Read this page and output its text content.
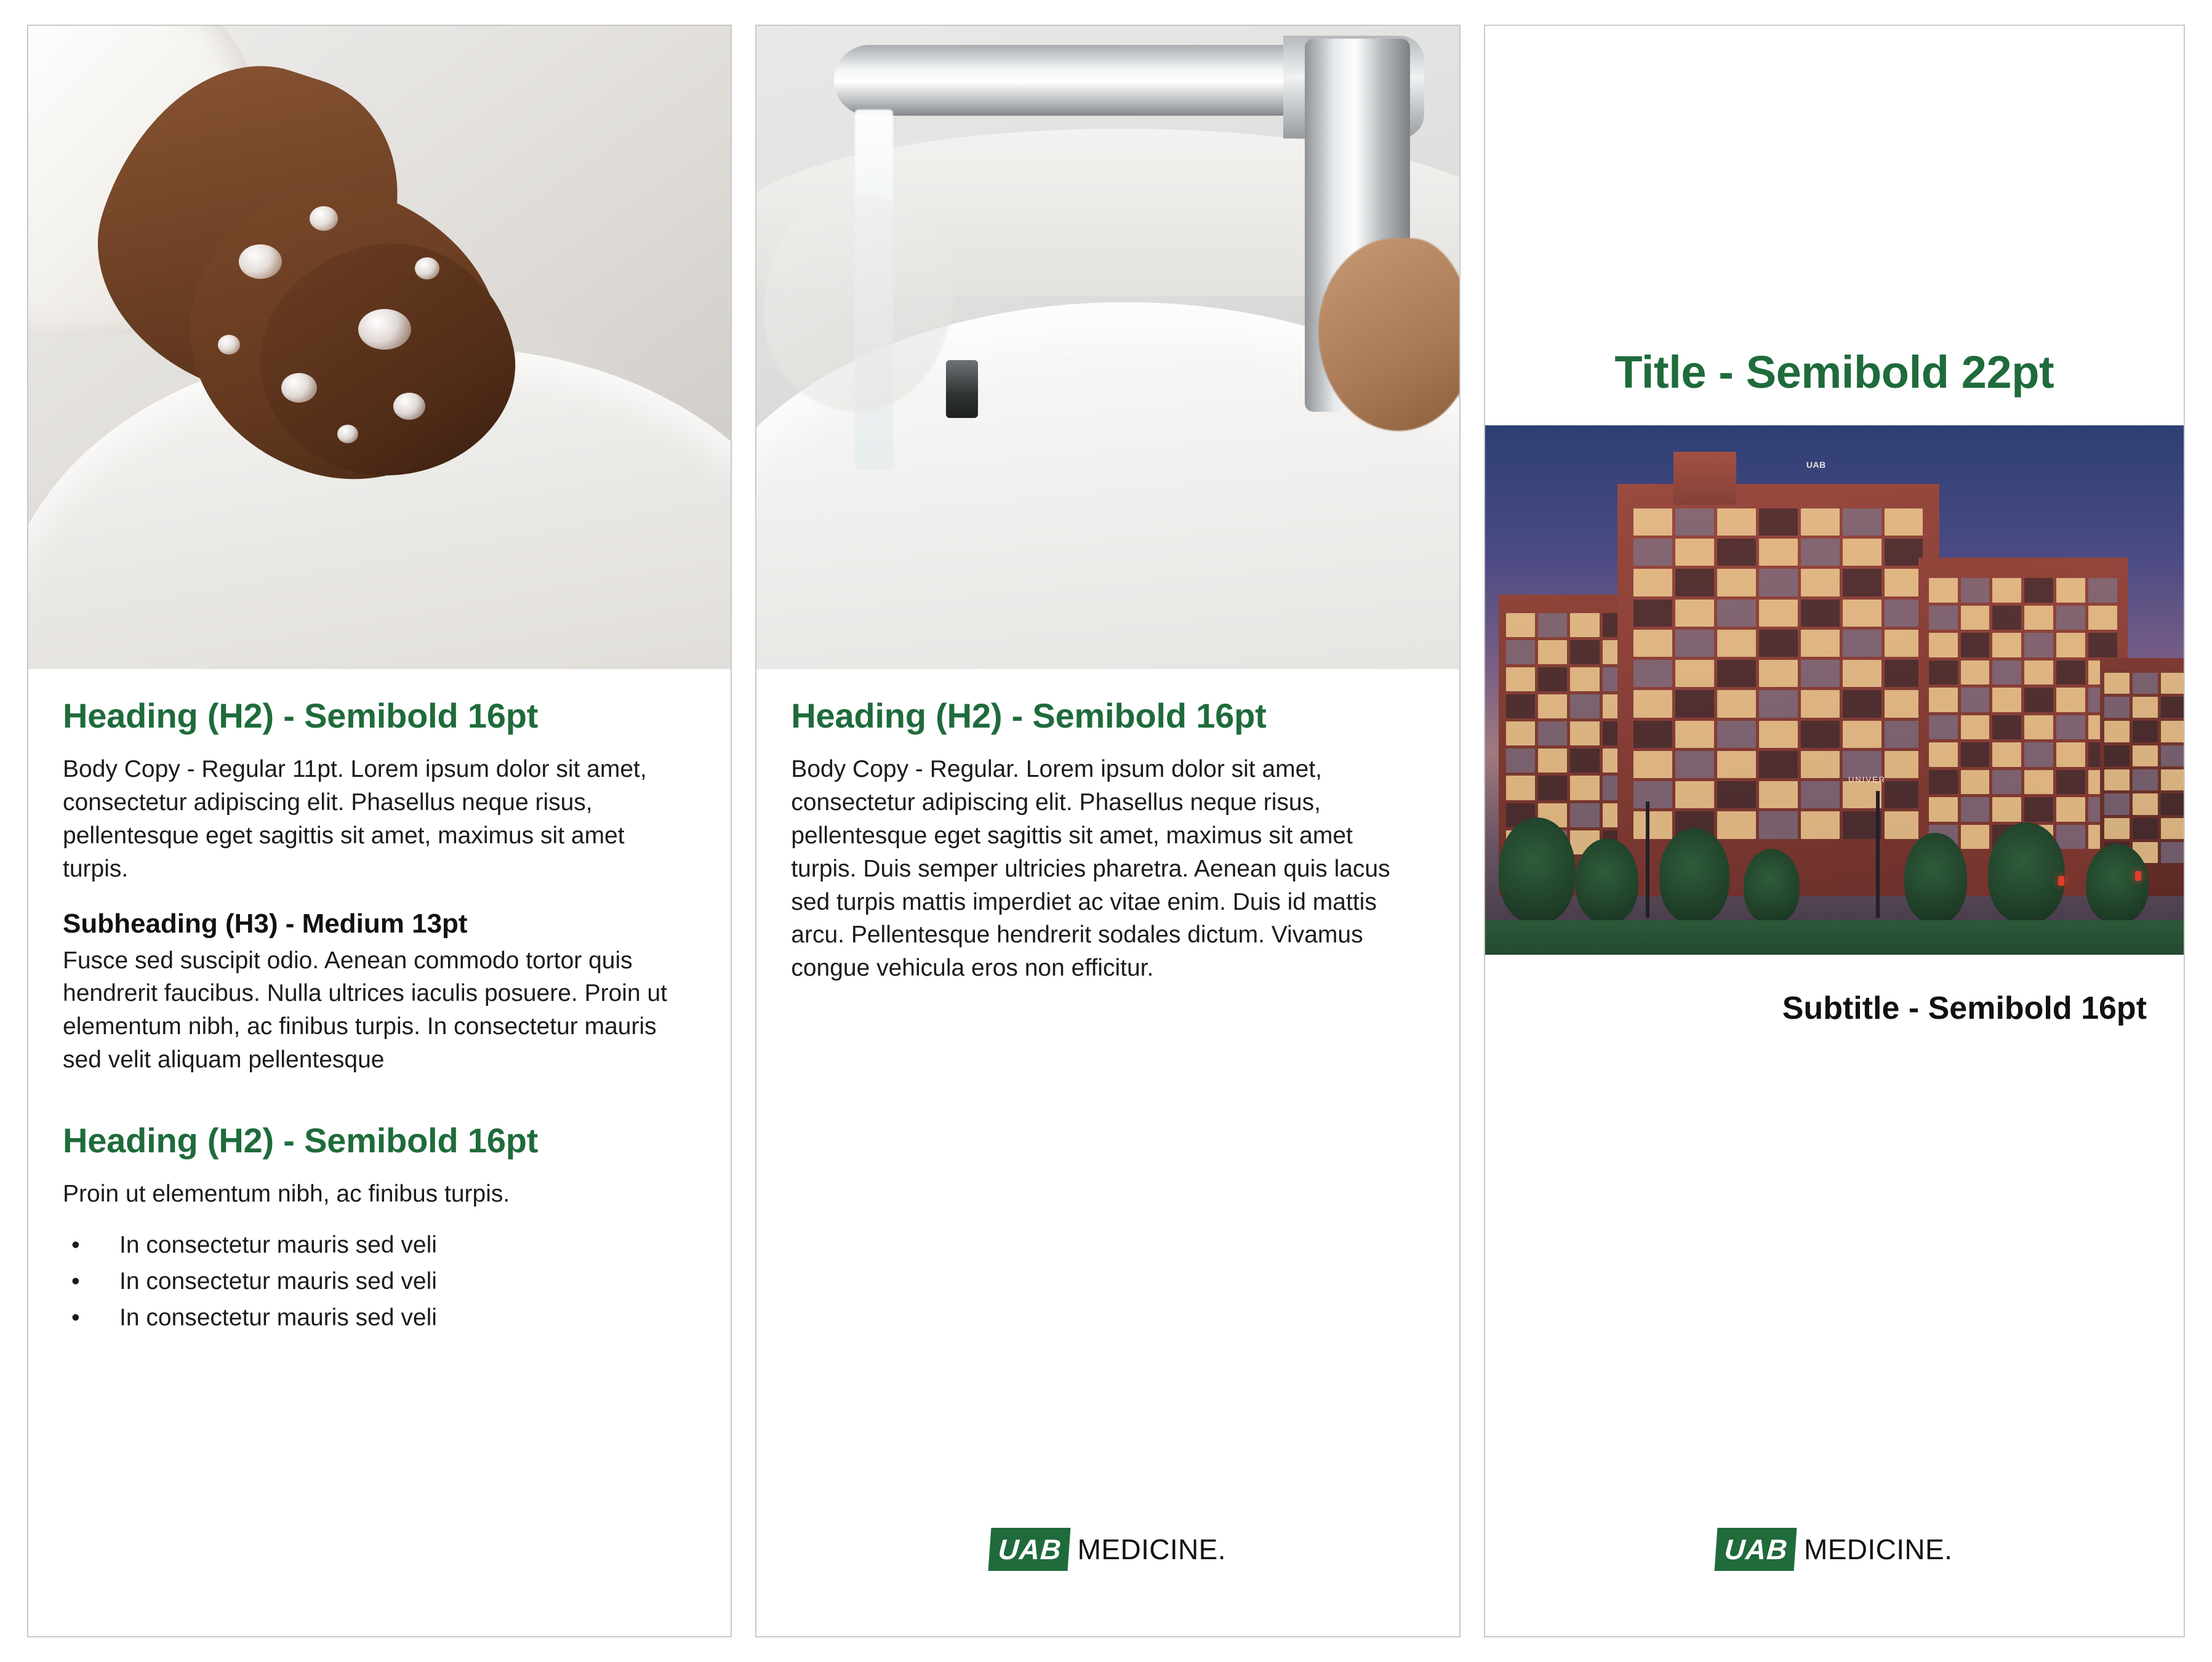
Heading (H2) - Semibold 16pt

Body Copy - Regular 11pt. Lorem ipsum dolor sit amet, consectetur adipiscing elit. Phasellus neque risus, pellentesque eget sagittis sit amet, maximus sit amet turpis.

Subheading (H3) - Medium 13pt

Fusce sed suscipit odio. Aenean commodo tortor quis hendrerit faucibus. Nulla ultrices iaculis posuere. Proin ut elementum nibh, ac finibus turpis. In consectetur mauris sed velit aliquam pellentesque

Heading (H2) - Semibold 16pt

Proin ut elementum nibh, ac finibus turpis.

• In consectetur mauris sed veli
• In consectetur mauris sed veli
• In consectetur mauris sed veli
Heading (H2) - Semibold 16pt

Body Copy - Regular. Lorem ipsum dolor sit amet, consectetur adipiscing elit. Phasellus neque risus, pellentesque eget sagittis sit amet, maximus sit amet turpis. Duis semper ultricies pharetra. Aenean quis lacus sed turpis mattis imperdiet ac vitae enim. Duis id mattis arcu. Pellentesque hendrerit sodales dictum. Vivamus congue vehicula eros non efficitur.

UAB MEDICINE.
Title - Semibold 22pt
UAB
UNIVER

Subtitle - Semibold 16pt

UAB MEDICINE.
